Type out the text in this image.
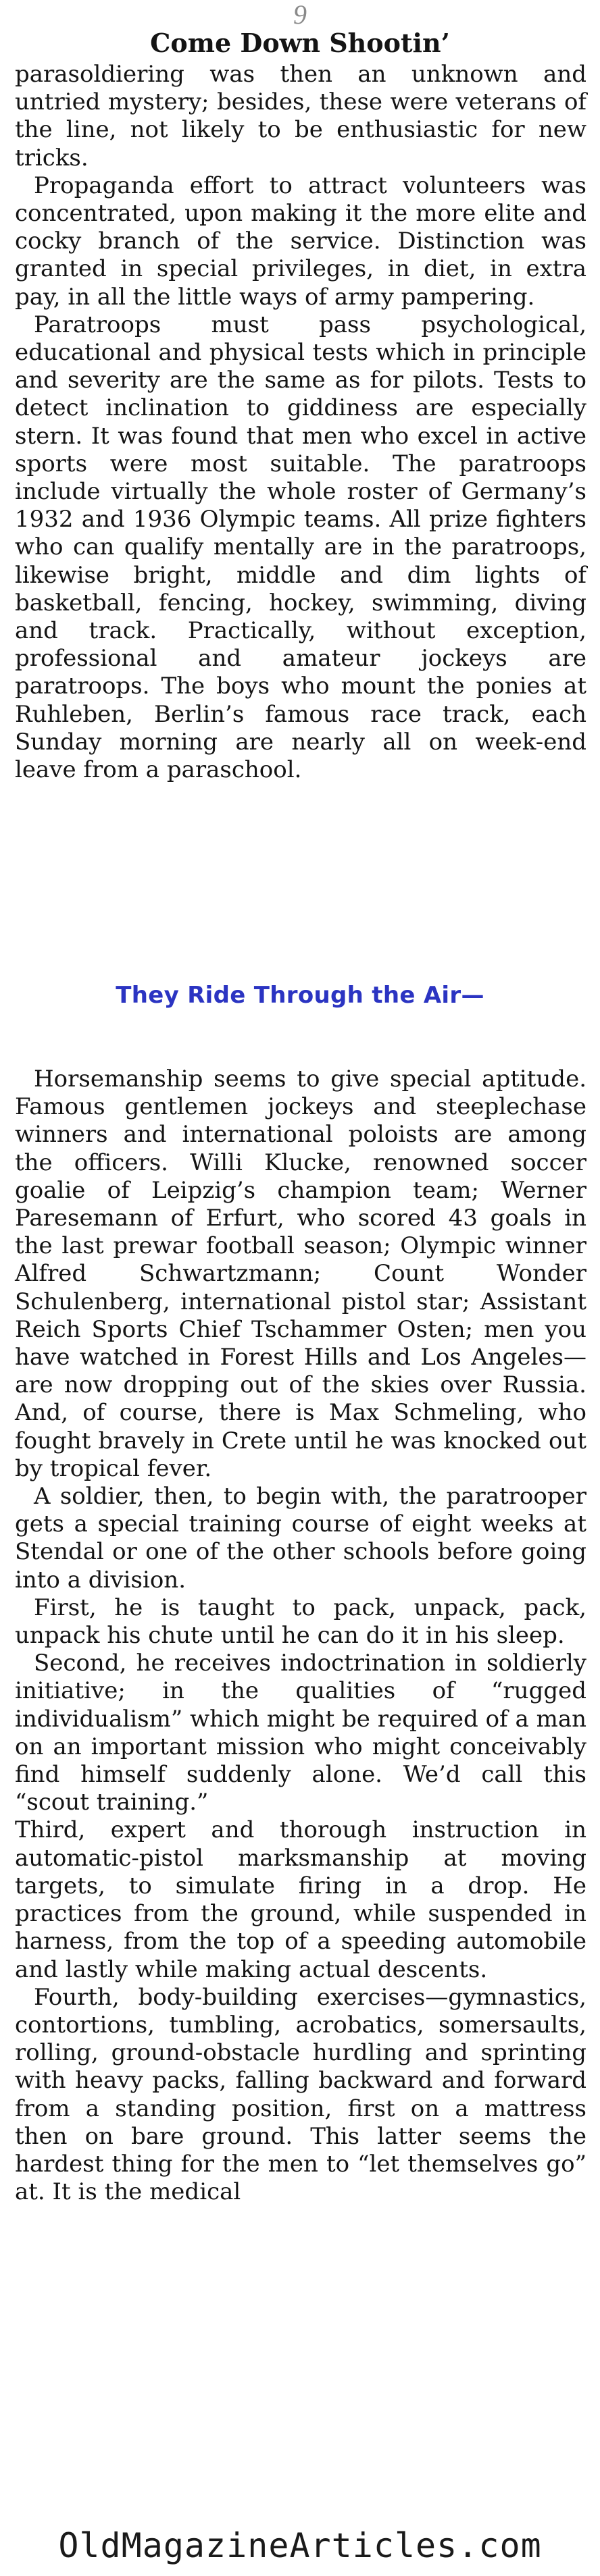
9
Come Down Shootin’

parasoldiering was then an unknown and untried mystery; besides, these were veterans of the line, not likely to be enthusiastic for new tricks.

Propaganda effort to attract volunteers was concentrated, upon making it the more elite and cocky branch of the service. Distinction was granted in special privileges, in diet, in extra pay, in all the little ways of army pampering.

Paratroops must pass psychological, educational and physical tests which in principle and severity are the same as for pilots. Tests to detect inclination to giddiness are especially stern. It was found that men who excel in active sports were most suitable. The paratroops include virtually the whole roster of Germany’s 1932 and 1936 Olympic teams. All prize fighters who can qualify mentally are in the paratroops, likewise bright, middle and dim lights of basketball, fencing, hockey, swimming, diving and track. Practically, without exception, professional and amateur jockeys are paratroops. The boys who mount the ponies at Ruhleben, Berlin’s famous race track, each Sunday morning are nearly all on week-end leave from a paraschool.

They Ride Through the Air—

Horsemanship seems to give special aptitude. Famous gentlemen jockeys and steeplechase winners and international poloists are among the officers. Willi Klucke, renowned soccer goalie of Leipzig’s champion team; Werner Paresemann of Erfurt, who scored 43 goals in the last prewar football season; Olympic winner Alfred Schwartzmann; Count Wonder Schulenberg, international pistol star; Assistant Reich Sports Chief Tschammer Osten; men you have watched in Forest Hills and Los Angeles—are now dropping out of the skies over Russia. And, of course, there is Max Schmeling, who fought bravely in Crete until he was knocked out by tropical fever.

A soldier, then, to begin with, the paratrooper gets a special training course of eight weeks at Stendal or one of the other schools before going into a division.

First, he is taught to pack, unpack, pack, unpack his chute until he can do it in his sleep.

Second, he receives indoctrination in soldierly initiative; in the qualities of “rugged individualism” which might be required of a man on an important mission who might conceivably find himself suddenly alone. We’d call this “scout training.”

Third, expert and thorough instruction in automatic-pistol marksmanship at moving targets, to simulate firing in a drop. He practices from the ground, while suspended in harness, from the top of a speeding automobile and lastly while making actual descents.

Fourth, body-building exercises—gymnastics, contortions, tumbling, acrobatics, somersaults, rolling, ground-obstacle hurdling and sprinting with heavy packs, falling backward and forward from a standing position, first on a mattress then on bare ground. This latter seems the hardest thing for the men to “let themselves go” at. It is the medical

OldMagazineArticles.com
